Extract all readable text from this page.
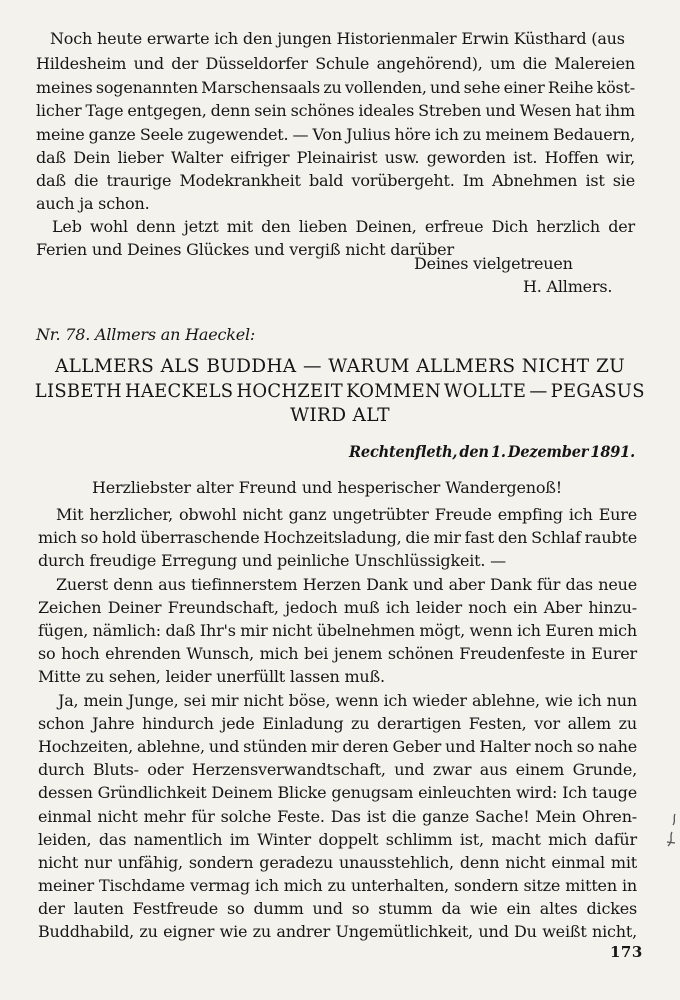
Noch heute erwarte ich den jungen Historienmaler Erwin Küsthard (aus
Hildesheim und der Düsseldorfer Schule angehörend), um die Malereien
meines sogenannten Marschensaals zu vollenden, und sehe einer Reihe köst-
licher Tage entgegen, denn sein schönes ideales Streben und Wesen hat ihm
meine ganze Seele zugewendet. — Von Julius höre ich zu meinem Bedauern,
daß Dein lieber Walter eifriger Pleinairist usw. geworden ist. Hoffen wir,
daß die traurige Modekrankheit bald vorübergeht. Im Abnehmen ist sie
auch ja schon.
Leb wohl denn jetzt mit den lieben Deinen, erfreue Dich herzlich der
Ferien und Deines Glückes und vergiß nicht darüber
Deines vielgetreuen
H. Allmers.
Nr. 78. Allmers an Haeckel:
ALLMERS ALS BUDDHA — WARUM ALLMERS NICHT ZU
LISBETH HAECKELS HOCHZEIT KOMMEN WOLLTE — PEGASUS
WIRD ALT
Rechtenfleth, den 1. Dezember 1891.
Herzliebster alter Freund und hesperischer Wandergenoß!
Mit herzlicher, obwohl nicht ganz ungetrübter Freude empfing ich Eure
mich so hold überraschende Hochzeitsladung, die mir fast den Schlaf raubte
durch freudige Erregung und peinliche Unschlüssigkeit. —
Zuerst denn aus tiefinnerstem Herzen Dank und aber Dank für das neue
Zeichen Deiner Freundschaft, jedoch muß ich leider noch ein Aber hinzu-
fügen, nämlich: daß Ihr's mir nicht übelnehmen mögt, wenn ich Euren mich
so hoch ehrenden Wunsch, mich bei jenem schönen Freudenfeste in Eurer
Mitte zu sehen, leider unerfüllt lassen muß.
Ja, mein Junge, sei mir nicht böse, wenn ich wieder ablehne, wie ich nun
schon Jahre hindurch jede Einladung zu derartigen Festen, vor allem zu
Hochzeiten, ablehne, und stünden mir deren Geber und Halter noch so nahe
durch Bluts- oder Herzensverwandtschaft, und zwar aus einem Grunde,
dessen Gründlichkeit Deinem Blicke genugsam einleuchten wird: Ich tauge
einmal nicht mehr für solche Feste. Das ist die ganze Sache! Mein Ohren-
leiden, das namentlich im Winter doppelt schlimm ist, macht mich dafür
nicht nur unfähig, sondern geradezu unausstehlich, denn nicht einmal mit
meiner Tischdame vermag ich mich zu unterhalten, sondern sitze mitten in
der lauten Festfreude so dumm und so stumm da wie ein altes dickes
Buddhabild, zu eigner wie zu andrer Ungemütlichkeit, und Du weißt nicht,
173
